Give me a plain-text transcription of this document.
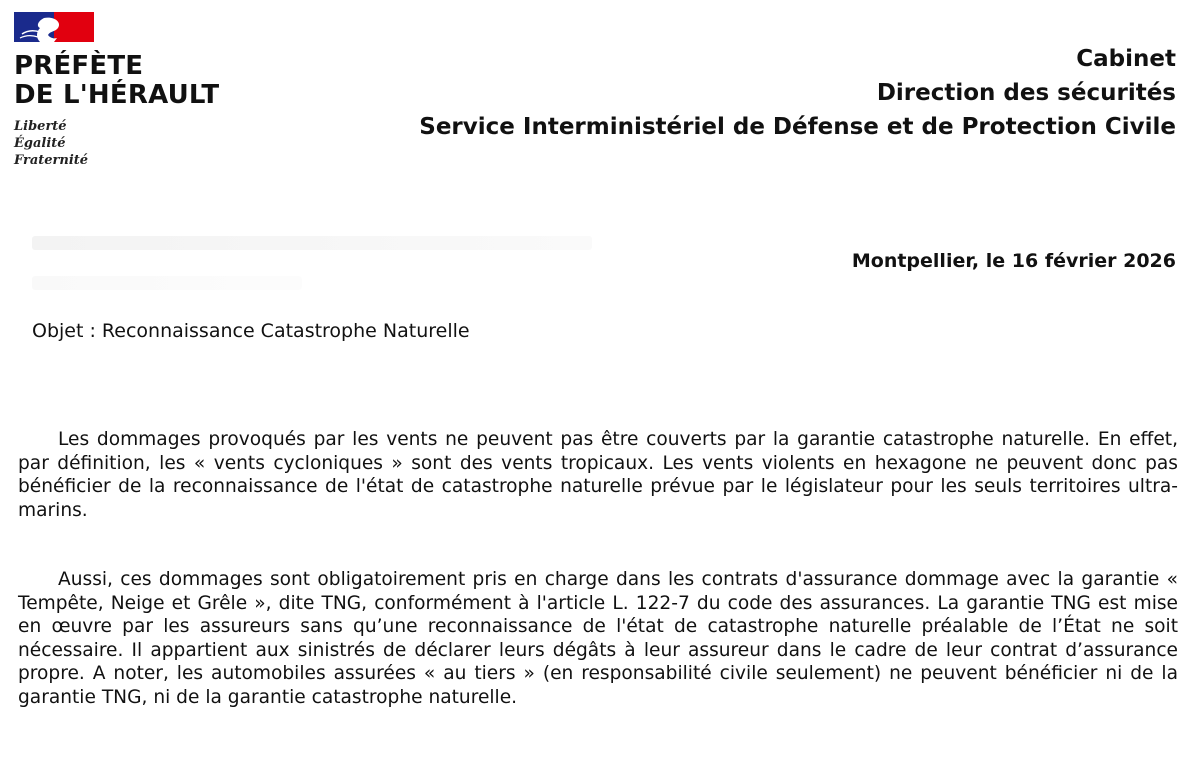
PRÉFÈTE

DE L'HÉRAULT

Liberté
Égalité
Fraternité
Cabinet
Direction des sécurités
Service Interministériel de Défense et de Protection Civile
Montpellier, le 16 février 2026
Objet : Reconnaissance Catastrophe Naturelle

Les dommages provoqués par les vents ne peuvent pas être couverts par la garantie catastrophe naturelle. En effet, par définition, les « vents cycloniques » sont des vents tropicaux. Les vents violents en hexagone ne peuvent donc pas bénéficier de la reconnaissance de l'état de catastrophe naturelle prévue par le législateur pour les seuls territoires ultra-marins.

Aussi, ces dommages sont obligatoirement pris en charge dans les contrats d'assurance dommage avec la garantie « Tempête, Neige et Grêle », dite TNG, conformément à l'article L. 122-7 du code des assurances. La garantie TNG est mise en œuvre par les assureurs sans qu’une reconnaissance de l'état de catastrophe naturelle préalable de l’État ne soit nécessaire. Il appartient aux sinistrés de déclarer leurs dégâts à leur assureur dans le cadre de leur contrat d’assurance propre. A noter, les automobiles assurées « au tiers » (en responsabilité civile seulement) ne peuvent bénéficier ni de la garantie TNG, ni de la garantie catastrophe naturelle.
